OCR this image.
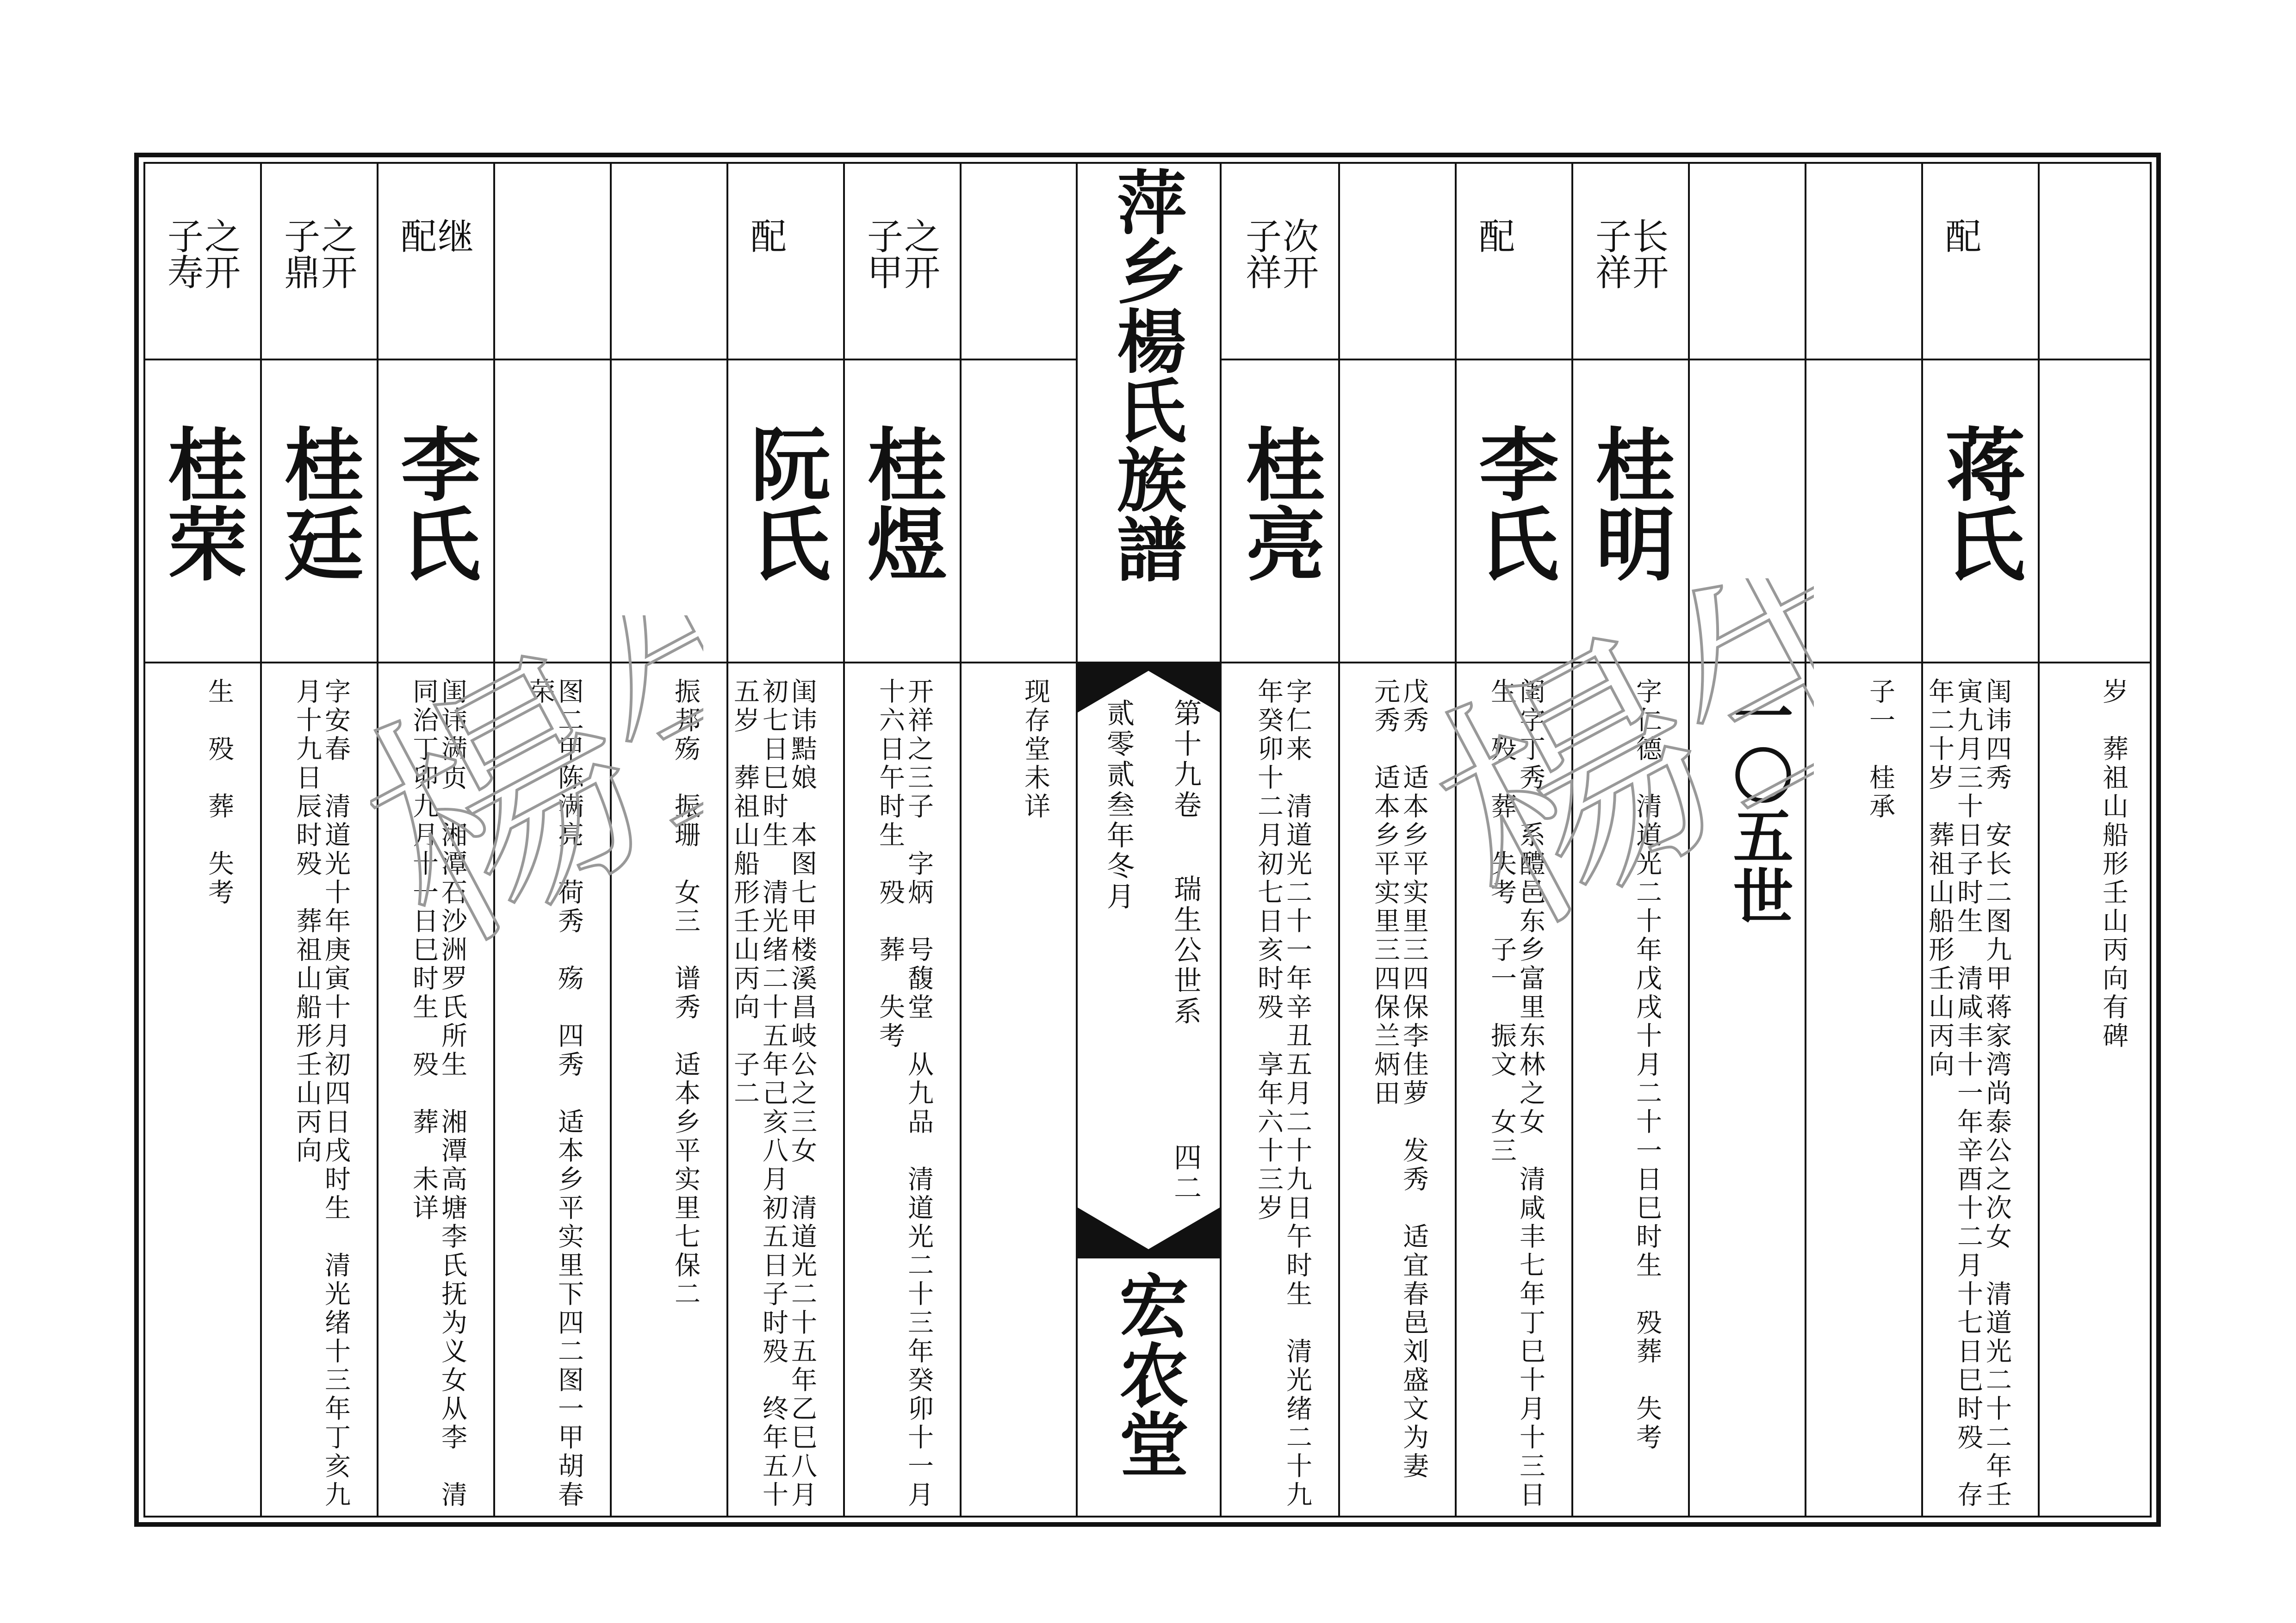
萍乡楊氏族譜
第十九卷
瑞生公世系
四二
贰零贰叁年冬月
宏农堂
一〇五世	岁　葬祖山船形壬山丙向有碑
配
蒋氏
闺讳四秀　安长二图九甲蒋家湾尚泰公之次女　清道光二十二年壬寅九月三十日子时生　清咸丰十一年辛酉十二月十七日巳时殁　存年二十岁　葬祖山船形壬山丙向
子一　桂承
长开
子祥
桂明
字仁德　清道光二十年戊戌十月二十一日巳时生　殁葬　失考
配
李氏
闺字丁秀　系醴邑东乡富里东林之女　清咸丰七年丁巳十月十三日生　殁　葬　失考　子一　振文　女三
戊秀　适本乡平实里三四保李佳萝　发秀　适宜春邑刘盛文为妻　元秀　适本乡平实里三四保兰炳田
次开
子祥
桂亮
字仁来　清道光二十一年辛丑五月二十九日午时生　清光绪二十九年癸卯十二月初七日亥时殁　享年六十三岁
现存堂未详
之开
子甲
桂煜
开祥之三子　字炳　号馥堂　从九品　清道光二十三年癸卯十一月十六日午时生　殁　葬　失考
配
阮氏
闺讳黠娘　本图七甲楼溪昌岐公之三女　清道光二十五年乙巳八月初七日巳时生　清光绪二十五年己亥八月初五日子时殁　终年五十五岁　葬祖山船形壬山丙向　子二
振邦殇　振珊　女三　谱秀　适本乡平实里七保二
图二甲陈满亮　荷秀　殇　四秀　适本乡平实里下四二图一甲胡春荣
继
配
李氏
闺讳满贞　湘潭石沙洲罗氏所生　湘潭高塘李氏抚为义女从李　清同治丁卯九月十一日巳时生　殁　葬　未详
之开
子鼎
桂廷
字安春　清道光十年庚寅十月初四日戌时生　清光绪十三年丁亥九月十九日辰时殁　葬祖山船形壬山丙向
之开
子寿
桂荣
生　殁　葬　失考 楊生 楊生
